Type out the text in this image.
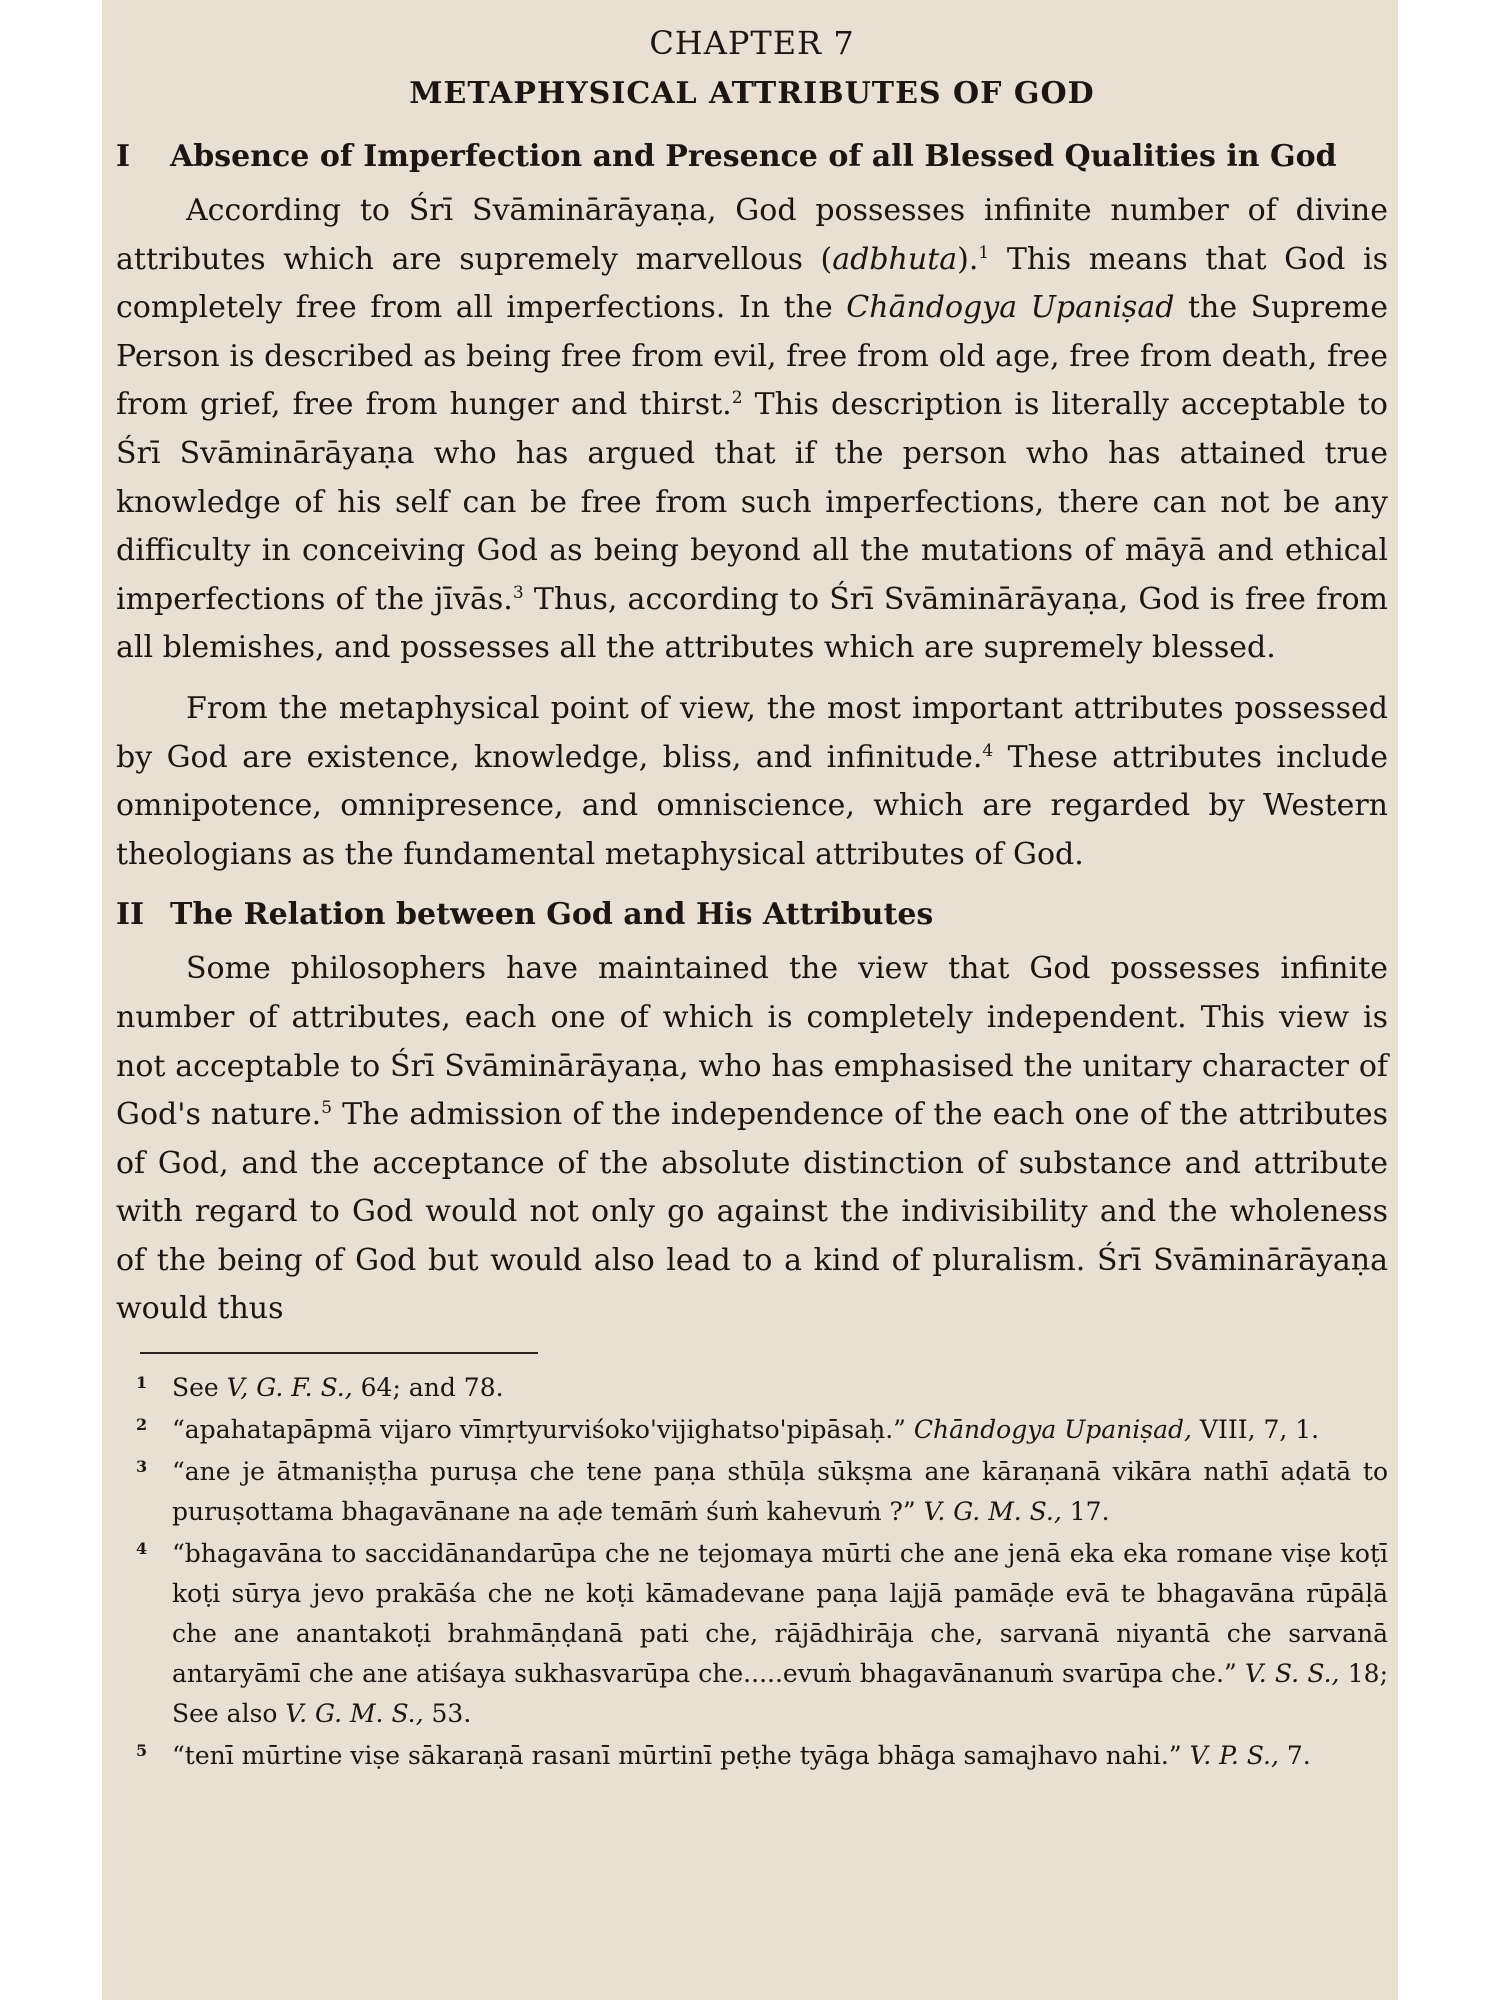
CHAPTER 7
METAPHYSICAL ATTRIBUTES OF GOD
I Absence of Imperfection and Presence of all Blessed Qualities in God

According to Śrī Svāminārāyaṇa, God possesses infinite number of divine attributes which are supremely marvellous (adbhuta).$^1$ This means that God is completely free from all imperfections. In the Chāndogya Upaniṣad the Supreme Person is described as being free from evil, free from old age, free from death, free from grief, free from hunger and thirst.$^2$ This description is literally acceptable to Śrī Svāminārāyaṇa who has argued that if the person who has attained true knowledge of his self can be free from such imperfections, there can not be any difficulty in conceiving God as being beyond all the mutations of māyā and ethical imperfections of the jīvās.$^3$ Thus, according to Śrī Svāminārāyaṇa, God is free from all blemishes, and possesses all the attributes which are supremely blessed.

From the metaphysical point of view, the most important attributes possessed by God are existence, knowledge, bliss, and infinitude.$^4$ These attributes include omnipotence, omnipresence, and omniscience, which are regarded by Western theologians as the fundamental metaphysical attributes of God.

II The Relation between God and His Attributes

Some philosophers have maintained the view that God possesses infinite number of attributes, each one of which is completely independent. This view is not acceptable to Śrī Svāminārāyaṇa, who has emphasised the unitary character of God's nature.$^5$ The admission of the independence of the each one of the attributes of God, and the acceptance of the absolute distinction of substance and attribute with regard to God would not only go against the indivisibility and the wholeness of the being of God but would also lead to a kind of pluralism. Śrī Svāminārāyaṇa would thus

1 See V, G. F. S., 64; and 78.
2 “apahatapāpmā vijaro vīmṛtyurviśoko'vijighatso'pipāsaḥ.” Chāndogya Upaniṣad, VIII, 7, 1.
3 “ane je ātmaniṣṭha puruṣa che tene paṇa sthūḷa sūkṣma ane kāraṇanā vikāra nathī aḍatā to puruṣottama bhagavānane na aḍe temāṁ śuṁ kahevuṁ ?” V. G. M. S., 17.
4 “bhagavāna to saccidānandarūpa che ne tejomaya mūrti che ane jenā eka eka romane viṣe koṭī koṭi sūrya jevo prakāśa che ne koṭi kāmadevane paṇa lajjā pamāḍe evā te bhagavāna rūpāḷā che ane anantakoṭi brahmāṇḍanā pati che, rājādhirāja che, sarvanā niyantā che sarvanā antaryāmī che ane atiśaya sukhasvarūpa che.....evuṁ bhagavānanuṁ svarūpa che.” V. S. S., 18; See also V. G. M. S., 53.
5 “tenī mūrtine viṣe sākaraṇā rasanī mūrtinī peṭhe tyāga bhāga samajhavo nahi.” V. P. S., 7.
